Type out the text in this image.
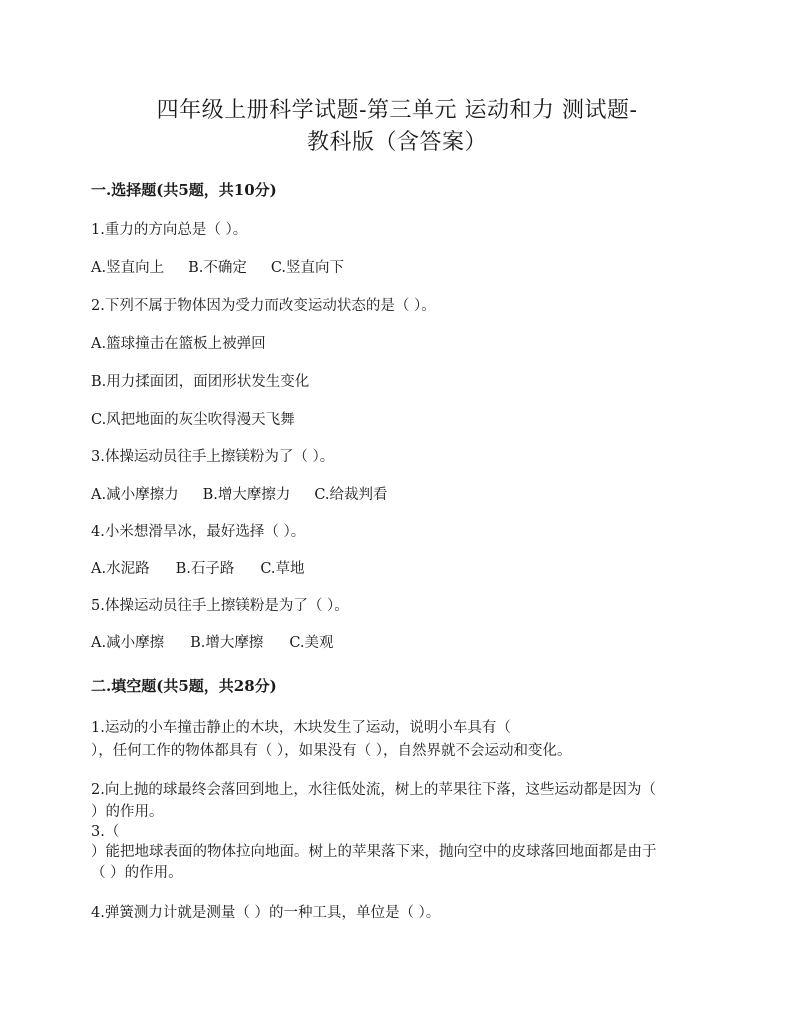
四年级上册科学试题-第三单元 运动和力 测试题-
教科版（含答案）
一.选择题(共5题，共10分)
1.重力的方向总是（ ）。
A.竖直向上 B.不确定 C.竖直向下
2.下列不属于物体因为受力而改变运动状态的是（ ）。
A.篮球撞击在篮板上被弹回
B.用力揉面团，面团形状发生变化
C.风把地面的灰尘吹得漫天飞舞
3.体操运动员往手上擦镁粉为了（ ）。
A.减小摩擦力 B.增大摩擦力 C.给裁判看
4.小米想滑旱冰，最好选择（ ）。
A.水泥路 B.石子路 C.草地
5.体操运动员往手上擦镁粉是为了（ ）。
A.减小摩擦 B.增大摩擦 C.美观
二.填空题(共5题，共28分)
1.运动的小车撞击静止的木块，木块发生了运动，说明小车具有（
），任何工作的物体都具有（ ），如果没有（ ），自然界就不会运动和变化。
2.向上抛的球最终会落回到地上，水往低处流，树上的苹果往下落，这些运动都是因为（
）的作用。
3.（
）能把地球表面的物体拉向地面。树上的苹果落下来，抛向空中的皮球落回地面都是由于
（ ）的作用。
4.弹簧测力计就是测量（ ）的一种工具，单位是（ ）。
